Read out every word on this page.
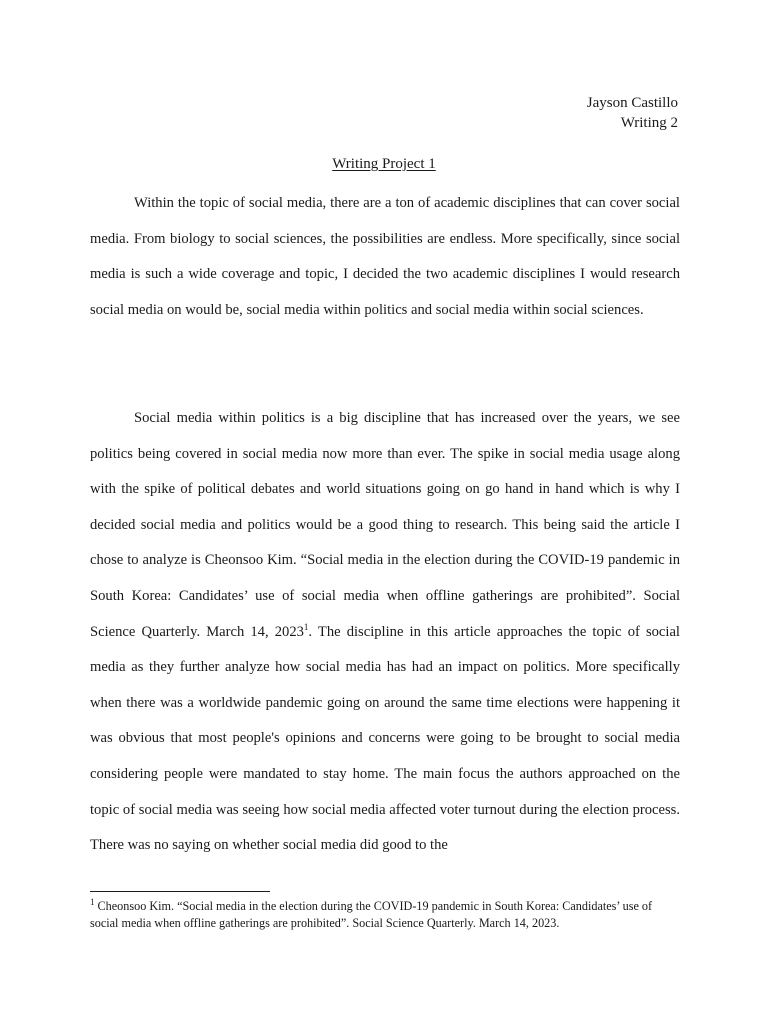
Jayson Castillo
Writing 2
Writing Project 1

Within the topic of social media, there are a ton of academic disciplines that can cover social media. From biology to social sciences, the possibilities are endless. More specifically, since social media is such a wide coverage and topic, I decided the two academic disciplines I would research social media on would be, social media within politics and social media within social sciences.

Social media within politics is a big discipline that has increased over the years, we see politics being covered in social media now more than ever. The spike in social media usage along with the spike of political debates and world situations going on go hand in hand which is why I decided social media and politics would be a good thing to research. This being said the article I chose to analyze is Cheonsoo Kim. “Social media in the election during the COVID-19 pandemic in South Korea: Candidates’ use of social media when offline gatherings are prohibited”. Social Science Quarterly. March 14, 2023$^1$. The discipline in this article approaches the topic of social media as they further analyze how social media has had an impact on politics. More specifically when there was a worldwide pandemic going on around the same time elections were happening it was obvious that most people's opinions and concerns were going to be brought to social media considering people were mandated to stay home. The main focus the authors approached on the topic of social media was seeing how social media affected voter turnout during the election process. There was no saying on whether social media did good to the

$^1$ Cheonsoo Kim. “Social media in the election during the COVID-19 pandemic in South Korea: Candidates’ use of social media when offline gatherings are prohibited”. Social Science Quarterly. March 14, 2023.
